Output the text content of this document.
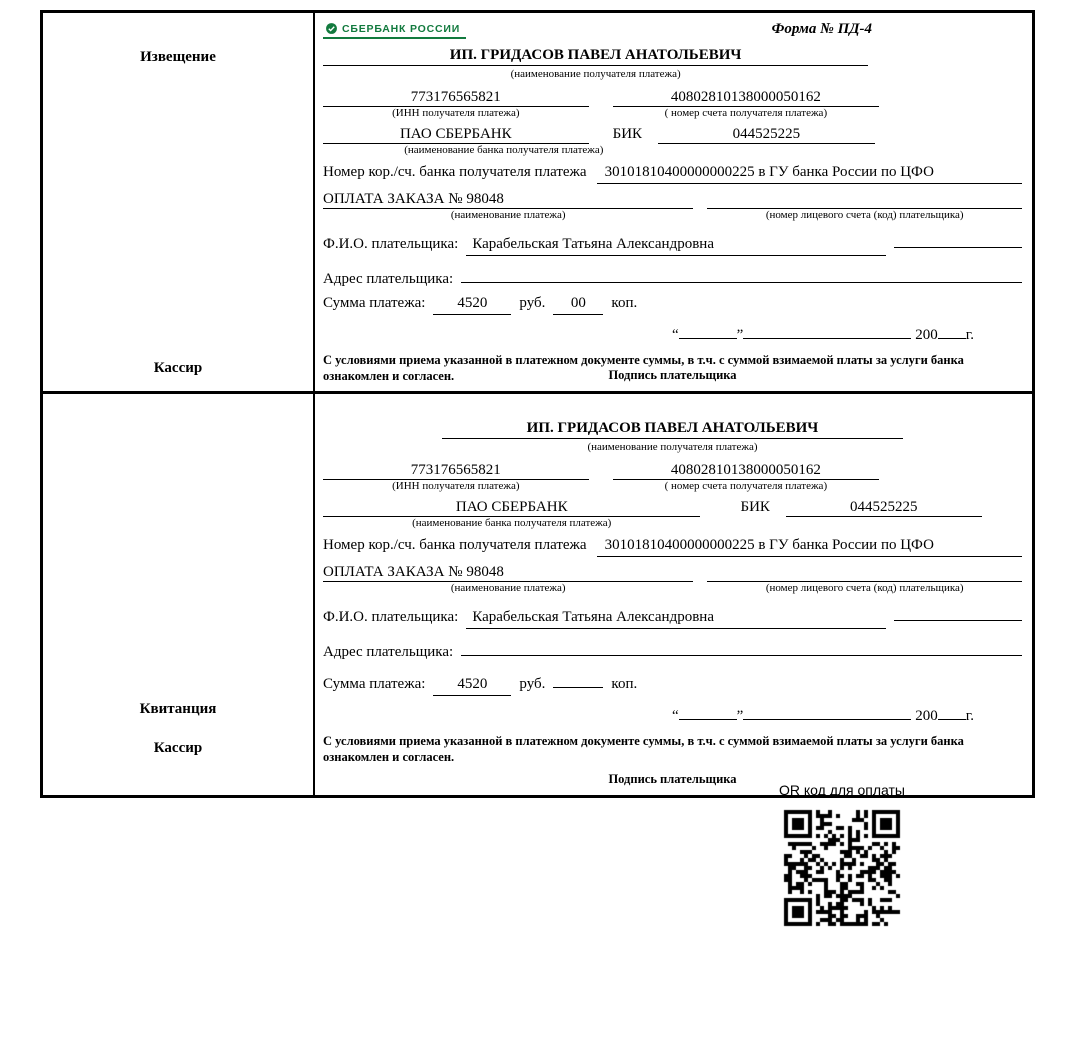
Извещение
Кассир
СБЕРБАНК РОССИИ	Форма № ПД-4
ИП. ГРИДАСОВ ПАВЕЛ АНАТОЛЬЕВИЧ
(наименование получателя платежа)
773176565821
(ИНН получателя платежа)
40802810138000050162
( номер счета получателя платежа)
ПАО СБЕРБАНК
(наименование банка получателя платежа)
БИК	044525225
Номер кор./сч. банка получателя платежа	30101810400000000225 в ГУ банка России по ЦФО
ОПЛАТА ЗАКАЗА № 98048
(наименование платежа)	(номер лицевого счета (код) плательщика)
Ф.И.О. плательщика: Карабельская Татьяна Александровна
Адрес плательщика:
Сумма платежа:	4520	руб.	00	коп.
“	”	200 г.
С условиями приема указанной в платежном документе суммы, в т.ч. с суммой взимаемой платы за услуги банка ознакомлен и согласен.	Подпись плательщика
Квитанция
Кассир
ИП. ГРИДАСОВ ПАВЕЛ АНАТОЛЬЕВИЧ
(наименование получателя платежа)
773176565821
(ИНН получателя платежа)
40802810138000050162
( номер счета получателя платежа)
ПАО СБЕРБАНК
(наименование банка получателя платежа)
БИК	044525225
Номер кор./сч. банка получателя платежа	30101810400000000225 в ГУ банка России по ЦФО
ОПЛАТА ЗАКАЗА № 98048
(наименование платежа)	(номер лицевого счета (код) плательщика)
Ф.И.О. плательщика: Карабельская Татьяна Александровна
Адрес плательщика:
Сумма платежа:	4520	руб.	коп.
“	”	200 г.
С условиями приема указанной в платежном документе суммы, в т.ч. с суммой взимаемой платы за услуги банка ознакомлен и согласен.
Подпись плательщика
QR код для оплаты
